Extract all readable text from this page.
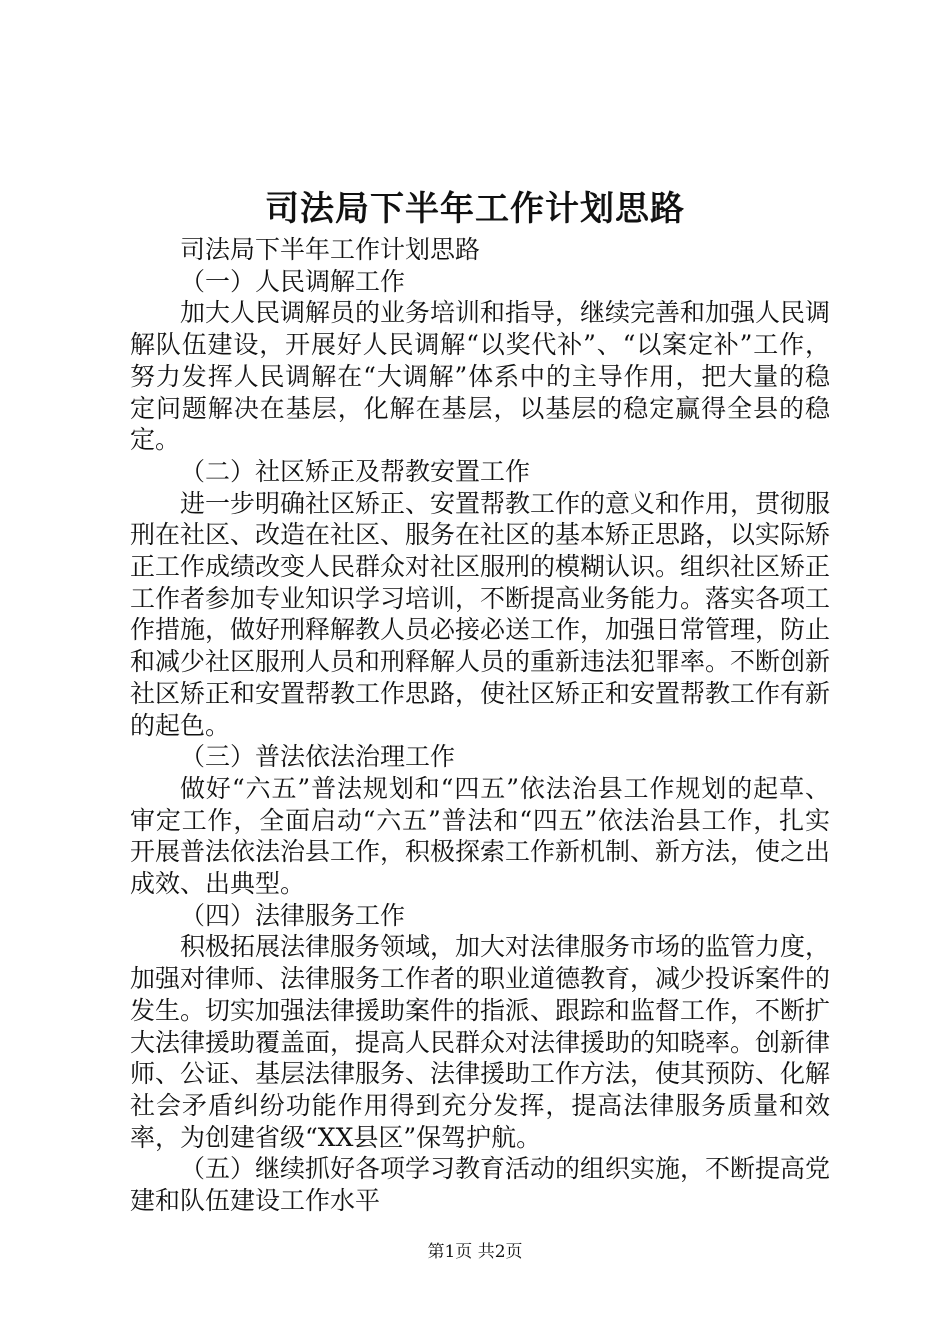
司法局下半年工作计划思路

司法局下半年工作计划思路

（一）人民调解工作

加大人民调解员的业务培训和指导，继续完善和加强人民调解队伍建设，开展好人民调解“以奖代补”、“以案定补”工作，努力发挥人民调解在“大调解”体系中的主导作用，把大量的稳定问题解决在基层，化解在基层，以基层的稳定赢得全县的稳定。

（二）社区矫正及帮教安置工作

进一步明确社区矫正、安置帮教工作的意义和作用，贯彻服刑在社区、改造在社区、服务在社区的基本矫正思路，以实际矫正工作成绩改变人民群众对社区服刑的模糊认识。组织社区矫正工作者参加专业知识学习培训，不断提高业务能力。落实各项工作措施，做好刑释解教人员必接必送工作，加强日常管理，防止和减少社区服刑人员和刑释解人员的重新违法犯罪率。不断创新社区矫正和安置帮教工作思路，使社区矫正和安置帮教工作有新的起色。

（三）普法依法治理工作

做好“六五”普法规划和“四五”依法治县工作规划的起草、审定工作，全面启动“六五”普法和“四五”依法治县工作，扎实开展普法依法治县工作，积极探索工作新机制、新方法，使之出成效、出典型。

（四）法律服务工作

积极拓展法律服务领域，加大对法律服务市场的监管力度，加强对律师、法律服务工作者的职业道德教育，减少投诉案件的发生。切实加强法律援助案件的指派、跟踪和监督工作，不断扩大法律援助覆盖面，提高人民群众对法律援助的知晓率。创新律师、公证、基层法律服务、法律援助工作方法，使其预防、化解社会矛盾纠纷功能作用得到充分发挥，提高法律服务质量和效率，为创建省级“XX县区”保驾护航。

（五）继续抓好各项学习教育活动的组织实施，不断提高党建和队伍建设工作水平

第1页 共2页
